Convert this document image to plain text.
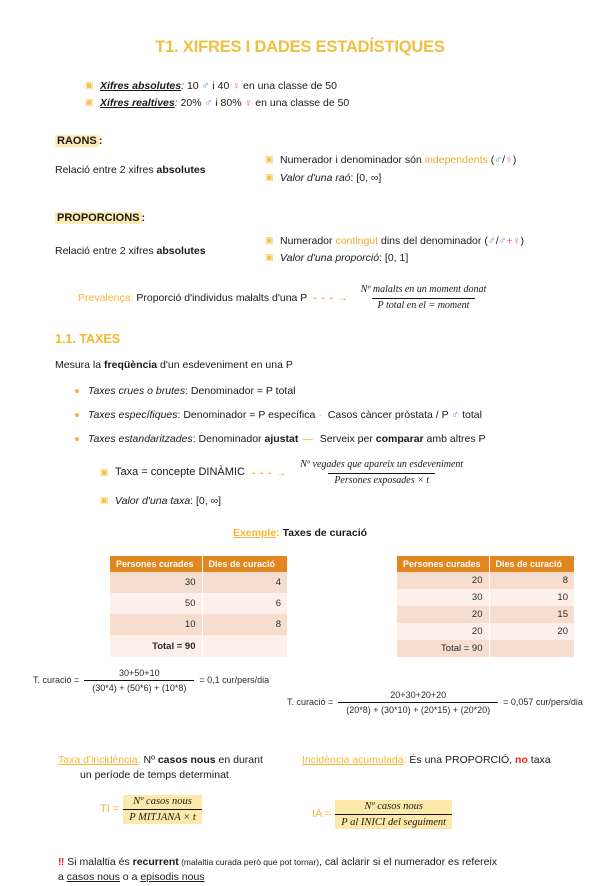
T1. XIFRES I DADES ESTADÍSTIQUES
▣ Xifres absolutes: 10 ♂ i 40 ♀ en una classe de 50
▣ Xifres realtives: 20% ♂ i 80% ♀ en una classe de 50
RAONS :
Relació entre 2 xifres absolutes
▣ Numerador i denominador són independents (♂/♀)
▣ Valor d'una raó: [0, ∞]
PROPORCIONS :
Relació entre 2 xifres absolutes
▣ Numerador contingut dins del denominador (♂/♂+♀)
▣ Valor d'una proporció: [0, 1]
Prevalença: Proporció d'individus malalts d'una P - - - → $\frac{\text{Nº malalts en un moment donat}}{\text{P total en el = moment}}$
1.1. TAXES
Mesura la freqüència d'un esdeveniment en una P
Taxes crues o brutes: Denominador = P total
Taxes específiques: Denominador = P específica · Casos càncer pròstata / P ♂ total
Taxes estandaritzades: Denominador ajustat — Serveix per comparar amb altres P
▣ Taxa = concepte DINÀMIC - - - → $\frac{\text{Nº vegades que apareix un esdeveniment}}{\text{Persones exposades × t}}$
▣ Valor d'una taxa: [0, ∞]
Exemple: Taxes de curació
Persones curades	Dies de curació
30	4
50	6
10	8
Total = 90	
Persones curades	Dies de curació
20	8
30	10
20	15
20	20
Total = 90	
T. curació = $\frac{30+50+10}{(30*4) + (50*6) + (10*8)} = 0,1$ cur/pers/dia
T. curació = $\frac{20+30+20+20}{(20*8) + (30*10) + (20*15) + (20*20)} = 0,057$ cur/pers/dia
Taxa d'incidència: Nº casos nous en durant
un període de temps determinat
TI = $\frac{\text{Nº casos nous}}{\text{P MITJANA × t}}$
Incidència acumulada: És una PROPORCIÓ, no taxa
IA = $\frac{\text{Nº casos nous}}{\text{P al INICI del seguiment}}$
‼ Si malaltia és recurrent (malaltia curada però que pot tornar), cal aclarir si el numerador es refereix
a casos nous o a episodis nous
